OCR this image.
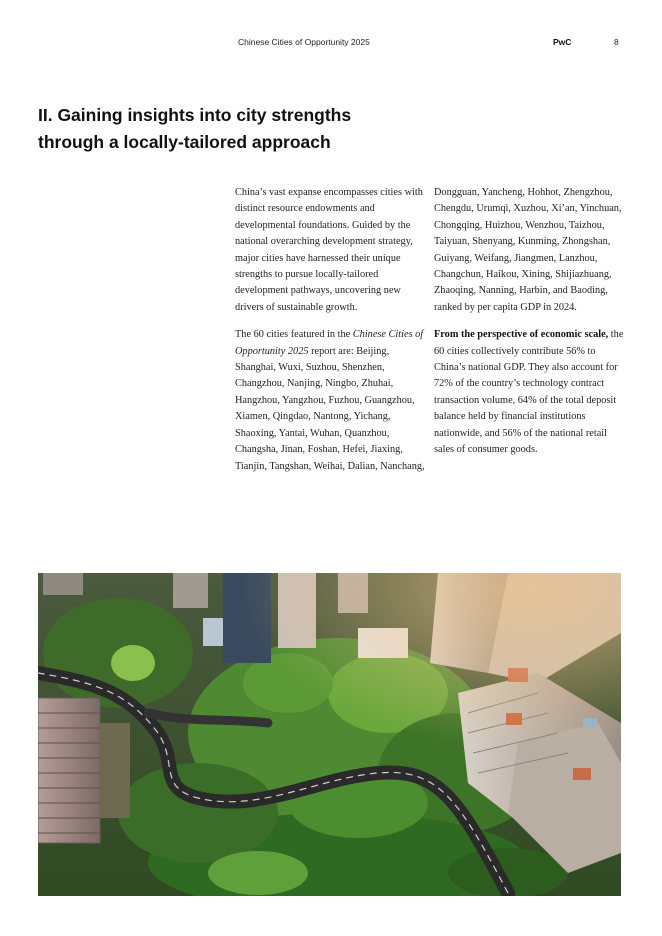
Chinese Cities of Opportunity 2025	PwC	8
II. Gaining insights into city strengths
through a locally-tailored approach

China’s vast expanse encompasses cities with distinct resource endowments and developmental foundations. Guided by the national overarching development strategy, major cities have harnessed their unique strengths to pursue locally-tailored development pathways, uncovering new drivers of sustainable growth.

The 60 cities featured in the Chinese Cities of Opportunity 2025 report are: Beijing, Shanghai, Wuxi, Suzhou, Shenzhen, Changzhou, Nanjing, Ningbo, Zhuhai, Hangzhou, Yangzhou, Fuzhou, Guangzhou, Xiamen, Qingdao, Nantong, Yichang, Shaoxing, Yantai, Wuhan, Quanzhou, Changsha, Jinan, Foshan, Hefei, Jiaxing, Tianjin, Tangshan, Weihai, Dalian, Nanchang,

Dongguan, Yancheng, Hohhot, Zhengzhou, Chengdu, Urumqi, Xuzhou, Xi’an, Yinchuan, Chongqing, Huizhou, Wenzhou, Taizhou, Taiyuan, Shenyang, Kunming, Zhongshan, Guiyang, Weifang, Jiangmen, Lanzhou, Changchun, Haikou, Xining, Shijiazhuang, Zhaoqing, Nanning, Harbin, and Baoding, ranked by per capita GDP in 2024.

From the perspective of economic scale, the 60 cities collectively contribute 56% to China’s national GDP. They also account for 72% of the country’s technology contract transaction volume, 64% of the total deposit balance held by financial institutions nationwide, and 56% of the national retail sales of consumer goods.
